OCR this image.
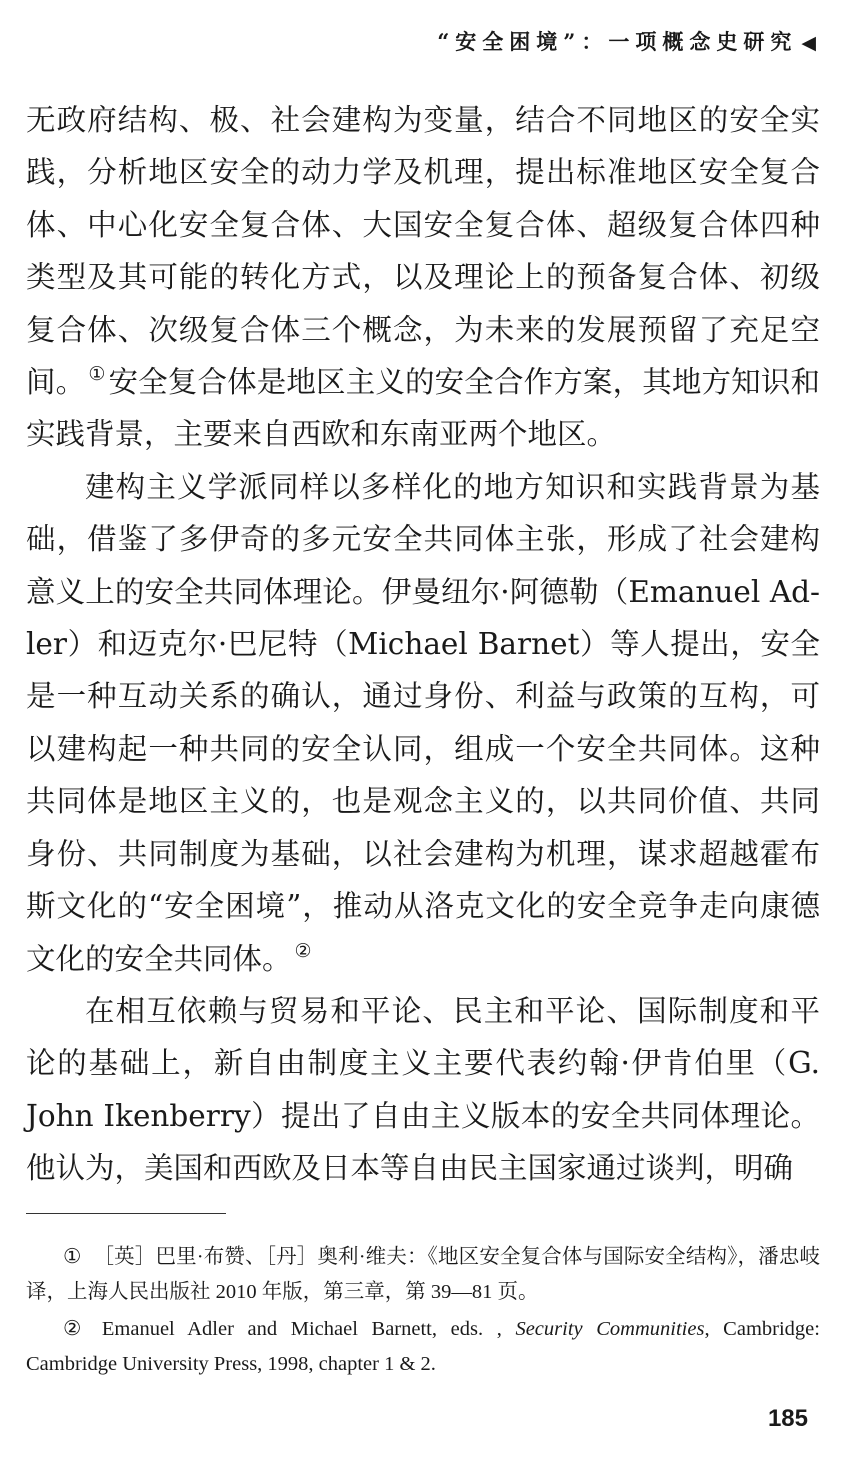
“安全困境”：一项概念史研究 ◀

无政府结构、极、社会建构为变量，结合不同地区的安全实践，分析地区安全的动力学及机理，提出标准地区安全复合体、中心化安全复合体、大国安全复合体、超级复合体四种类型及其可能的转化方式，以及理论上的预备复合体、初级复合体、次级复合体三个概念，为未来的发展预留了充足空间。 ① 安全复合体是地区主义的安全合作方案，其地方知识和实践背景，主要来自西欧和东南亚两个地区。

建构主义学派同样以多样化的地方知识和实践背景为基础，借鉴了多伊奇的多元安全共同体主张，形成了社会建构意义上的安全共同体理论。伊曼纽尔·阿德勒（Emanuel Ad-ler）和迈克尔·巴尼特（Michael Barnet）等人提出，安全是一种互动关系的确认，通过身份、利益与政策的互构，可以建构起一种共同的安全认同，组成一个安全共同体。这种共同体是地区主义的，也是观念主义的，以共同价值、共同身份、共同制度为基础，以社会建构为机理，谋求超越霍布斯文化的“安全困境”，推动从洛克文化的安全竞争走向康德文化的安全共同体。 ②

在相互依赖与贸易和平论、民主和平论、国际制度和平论的基础上，新自由制度主义主要代表约翰·伊肯伯里（G. John Ikenberry）提出了自由主义版本的安全共同体理论。他认为，美国和西欧及日本等自由民主国家通过谈判，明确

① ［英］巴里·布赞、［丹］奥利·维夫：《地区安全复合体与国际安全结构》，潘忠岐译，上海人民出版社 2010 年版，第三章，第 39—81 页。

② Emanuel Adler and Michael Barnett, eds. , Security Communities, Cambridge: Cambridge University Press, 1998, chapter 1 & 2.

185
